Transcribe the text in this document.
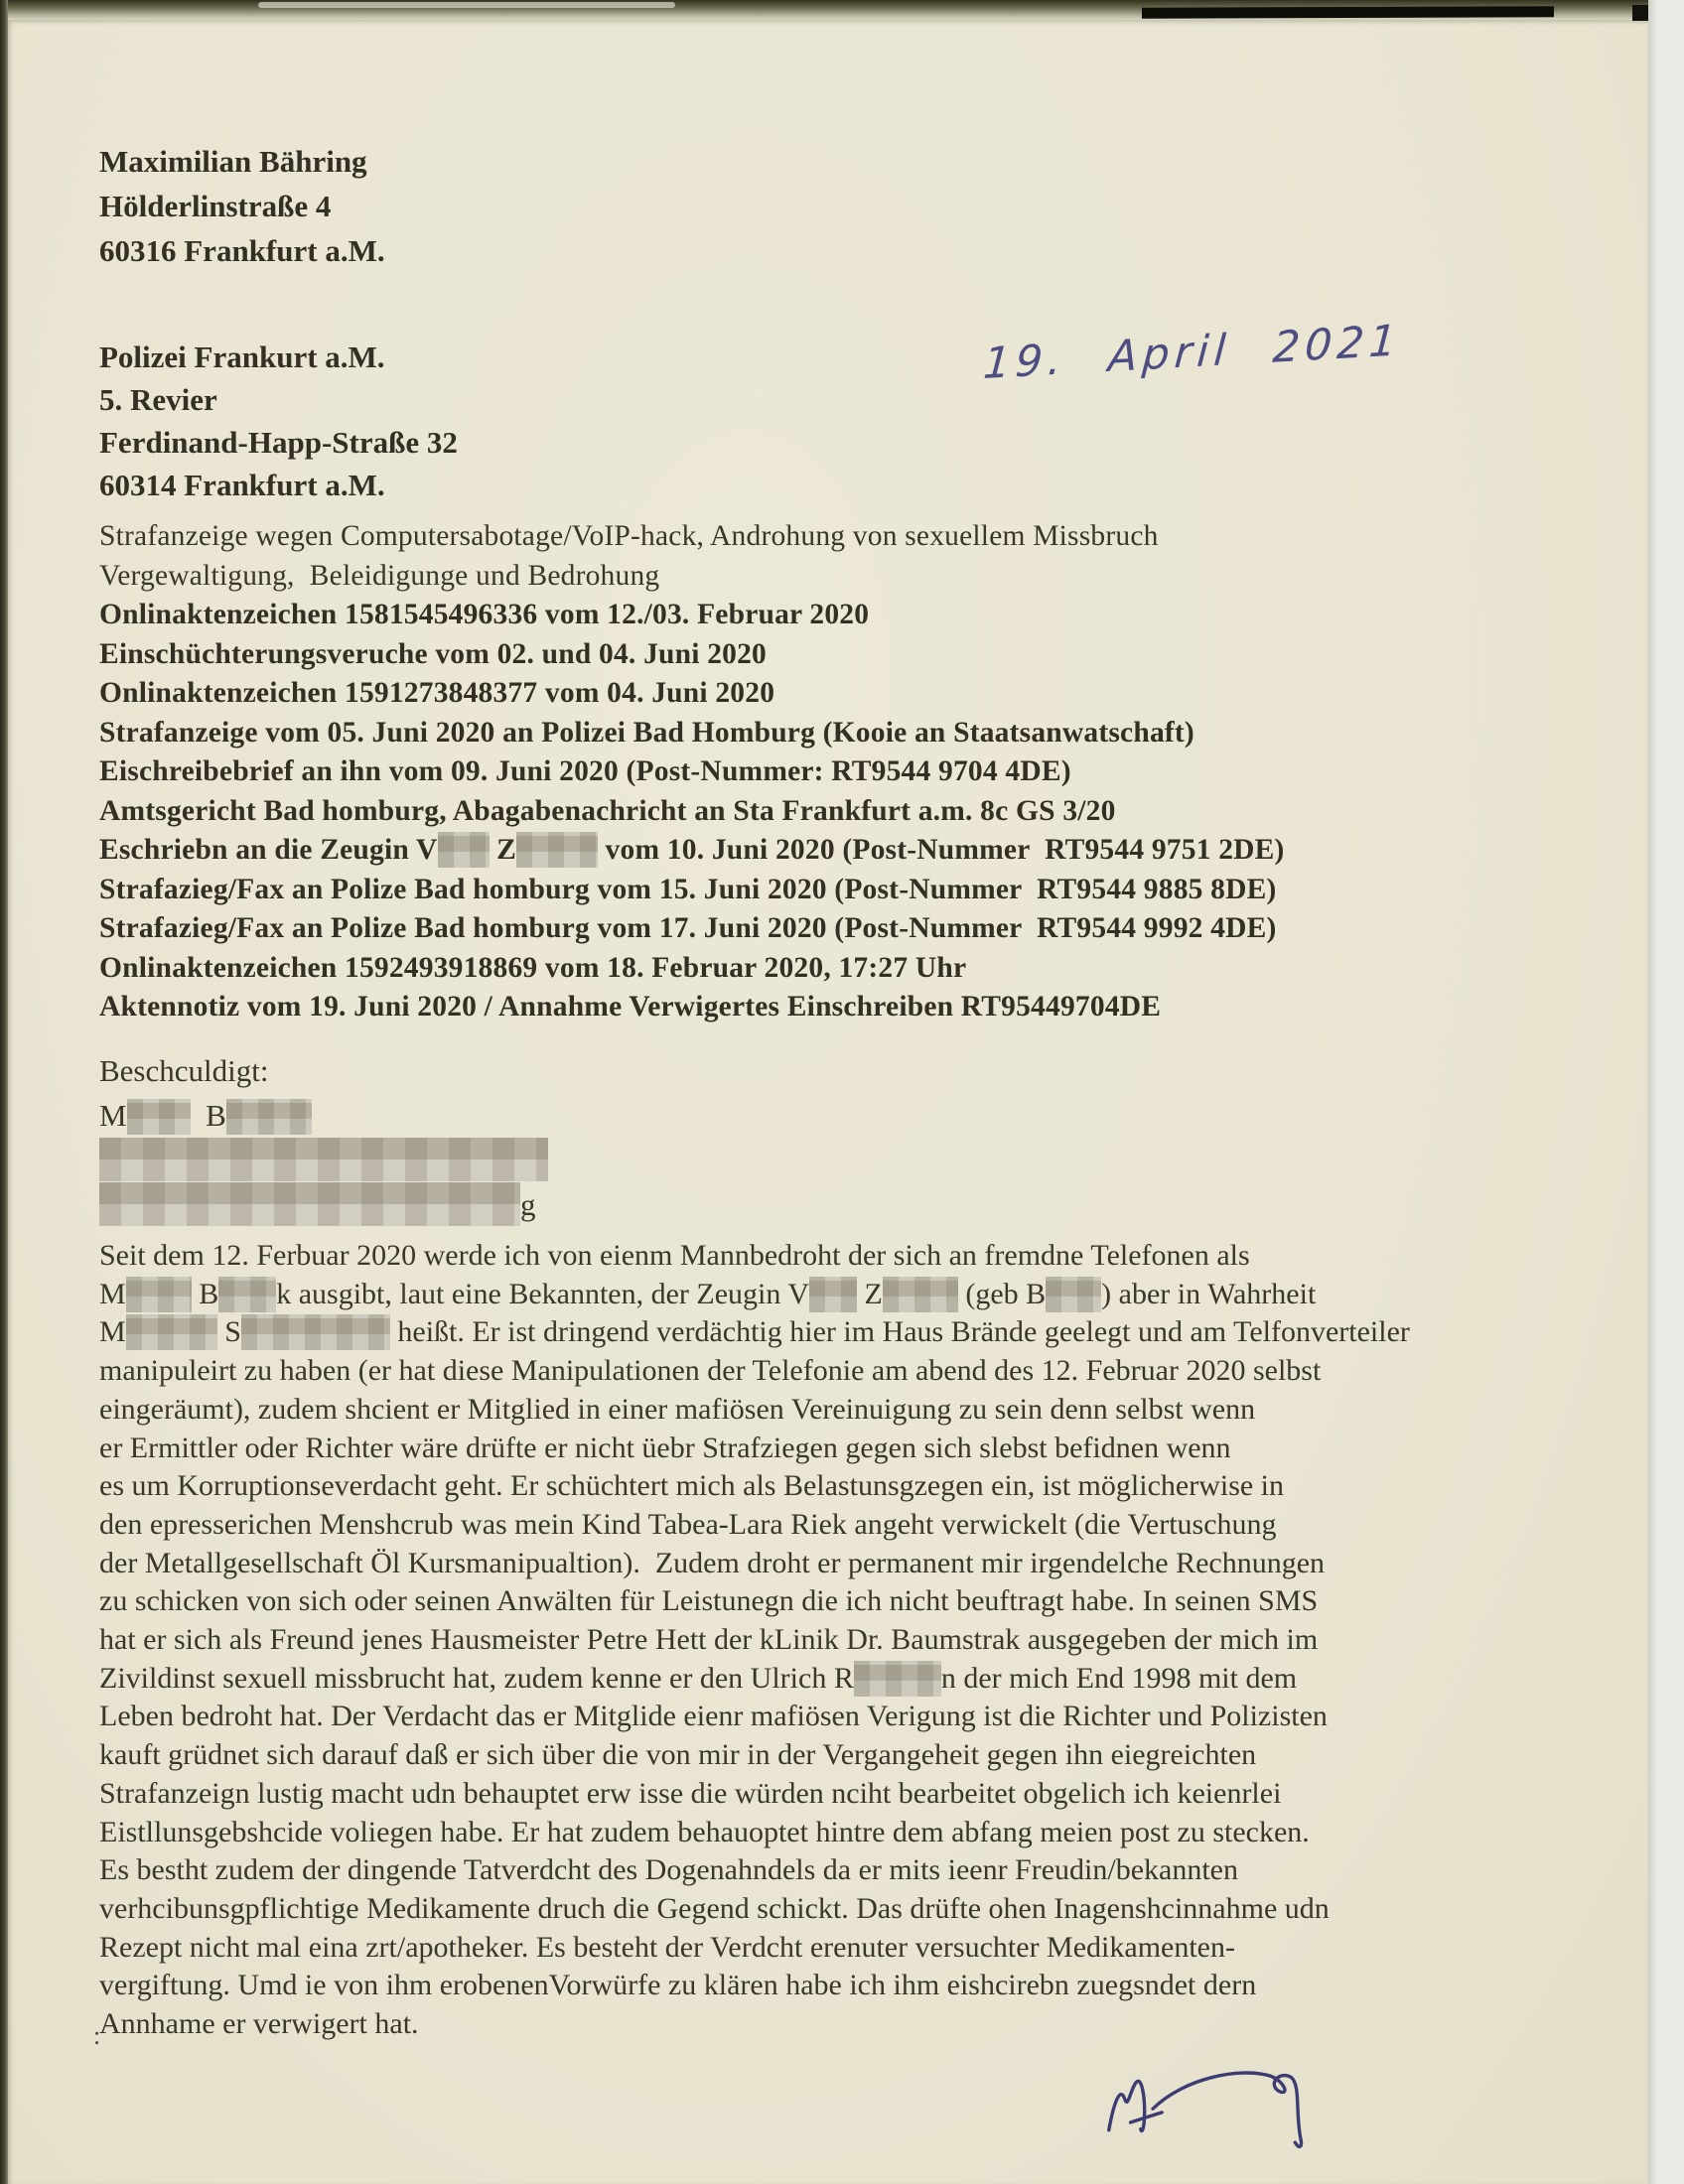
Maximilian Bähring
Hölderlinstraße 4
60316 Frankfurt a.M.
Polizei Frankurt a.M.
5. Revier
Ferdinand-Happ-Straße 32
60314 Frankfurt a.M.
19. April 2021
Strafanzeige wegen Computersabotage/VoIP-hack, Androhung von sexuellem Missbruch
Vergewaltigung,  Beleidigunge und Bedrohung
Onlinaktenzeichen 1581545496336 vom 12./03. Februar 2020
Einschüchterungsveruche vom 02. und 04. Juni 2020
Onlinaktenzeichen 1591273848377 vom 04. Juni 2020
Strafanzeige vom 05. Juni 2020 an Polizei Bad Homburg (Kooie an Staatsanwatschaft)
Eischreibebrief an ihn vom 09. Juni 2020 (Post-Nummer: RT9544 9704 4DE)
Amtsgericht Bad homburg, Abagabenachricht an Sta Frankfurt a.m. 8c GS 3/20
Eschriebn an die Zeugin V Z	vom 10. Juni 2020 (Post-Nummer  RT9544 9751 2DE)
Strafazieg/Fax an Polize Bad homburg vom 15. Juni 2020 (Post-Nummer  RT9544 9885 8DE)
Strafazieg/Fax an Polize Bad homburg vom 17. Juni 2020 (Post-Nummer  RT9544 9992 4DE)
Onlinaktenzeichen 1592493918869 vom 18. Februar 2020, 17:27 Uhr
Aktennotiz vom 19. Juni 2020 / Annahme Verwigertes Einschreiben RT95449704DE
Beschculdigt:
M  B
g
Seit dem 12. Ferbuar 2020 werde ich von eienm Mannbedroht der sich an fremdne Telefonen als
M B k ausgibt, laut eine Bekannten, der Zeugin V Z	(geb B ) aber in Wahrheit
M	S	heißt. Er ist dringend verdächtig hier im Haus Brände geelegt und am Telfonverteiler
manipuleirt zu haben (er hat diese Manipulationen der Telefonie am abend des 12. Februar 2020 selbst
eingeräumt), zudem shcient er Mitglied in einer mafiösen Vereinuigung zu sein denn selbst wenn
er Ermittler oder Richter wäre drüfte er nicht üebr Strafziegen gegen sich slebst befidnen wenn
es um Korruptionseverdacht geht. Er schüchtert mich als Belastunsgzegen ein, ist möglicherwise in
den epresserichen Menshcrub was mein Kind Tabea-Lara Riek angeht verwickelt (die Vertuschung
der Metallgesellschaft Öl Kursmanipualtion).  Zudem droht er permanent mir irgendelche Rechnungen
zu schicken von sich oder seinen Anwälten für Leistunegn die ich nicht beuftragt habe. In seinen SMS
hat er sich als Freund jenes Hausmeister Petre Hett der kLinik Dr. Baumstrak ausgegeben der mich im
Zivildinst sexuell missbrucht hat, zudem kenne er den Ulrich R	n der mich End 1998 mit dem
Leben bedroht hat. Der Verdacht das er Mitglide eienr mafiösen Verigung ist die Richter und Polizisten
kauft grüdnet sich darauf daß er sich über die von mir in der Vergangeheit gegen ihn eiegreichten
Strafanzeign lustig macht udn behauptet erw isse die würden nciht bearbeitet obgelich ich keienrlei
Eistllunsgebshcide voliegen habe. Er hat zudem behauoptet hintre dem abfang meien post zu stecken.
Es bestht zudem der dingende Tatverdcht des Dogenahndels da er mits ieenr Freudin/bekannten
verhcibunsgpflichtige Medikamente druch die Gegend schickt. Das drüfte ohen Inagenshcinnahme udn
Rezept nicht mal eina zrt/apotheker. Es besteht der Verdcht erenuter versuchter Medikamenten-
vergiftung. Umd ie von ihm erobenenVorwürfe zu klären habe ich ihm eishcirebn zuegsndet dern
Annhame er verwigert hat.
:
